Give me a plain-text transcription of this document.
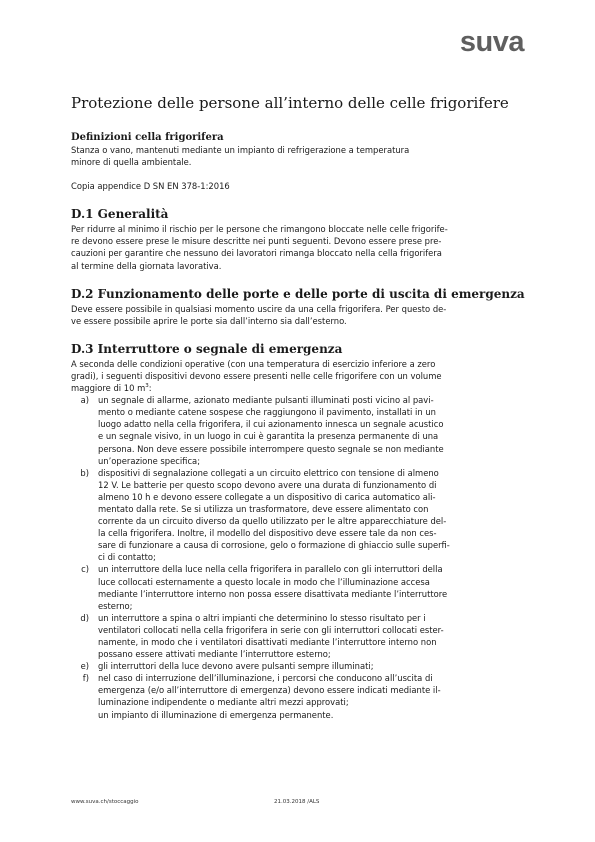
suva
Protezione delle persone all’interno delle celle frigorifere
Definizioni cella frigorifera
Stanza o vano, mantenuti mediante un impianto di refrigerazione a temperatura
minore di quella ambientale.
Copia appendice D SN EN 378-1:2016
D.1 Generalità
Per ridurre al minimo il rischio per le persone che rimangono bloccate nelle celle frigorife-
re devono essere prese le misure descritte nei punti seguenti. Devono essere prese pre-
cauzioni per garantire che nessuno dei lavoratori rimanga bloccato nella cella frigorifera
al termine della giornata lavorativa.
D.2 Funzionamento delle porte e delle porte di uscita di emergenza
Deve essere possibile in qualsiasi momento uscire da una cella frigorifera. Per questo de-
ve essere possibile aprire le porte sia dall’interno sia dall’esterno.
D.3 Interruttore o segnale di emergenza
A seconda delle condizioni operative (con una temperatura di esercizio inferiore a zero
gradi), i seguenti dispositivi devono essere presenti nelle celle frigorifere con un volume
maggiore di 10 $m^3$:
a) un segnale di allarme, azionato mediante pulsanti illuminati posti vicino al pavi-
mento o mediante catene sospese che raggiungono il pavimento, installati in un
luogo adatto nella cella frigorifera, il cui azionamento innesca un segnale acustico
e un segnale visivo, in un luogo in cui è garantita la presenza permanente di una
persona. Non deve essere possibile interrompere questo segnale se non mediante
un’operazione specifica;
b) dispositivi di segnalazione collegati a un circuito elettrico con tensione di almeno
12 V. Le batterie per questo scopo devono avere una durata di funzionamento di
almeno 10 h e devono essere collegate a un dispositivo di carica automatico ali-
mentato dalla rete. Se si utilizza un trasformatore, deve essere alimentato con
corrente da un circuito diverso da quello utilizzato per le altre apparecchiature del-
la cella frigorifera. Inoltre, il modello del dispositivo deve essere tale da non ces-
sare di funzionare a causa di corrosione, gelo o formazione di ghiaccio sulle superfi-
ci di contatto;
c) un interruttore della luce nella cella frigorifera in parallelo con gli interruttori della
luce collocati esternamente a questo locale in modo che l’illuminazione accesa
mediante l’interruttore interno non possa essere disattivata mediante l’interruttore
esterno;
d) un interruttore a spina o altri impianti che determinino lo stesso risultato per i
ventilatori collocati nella cella frigorifera in serie con gli interruttori collocati ester-
namente, in modo che i ventilatori disattivati mediante l’interruttore interno non
possano essere attivati mediante l’interruttore esterno;
e) gli interruttori della luce devono avere pulsanti sempre illuminati;
f) nel caso di interruzione dell’illuminazione, i percorsi che conducono all’uscita di
emergenza (e/o all’interruttore di emergenza) devono essere indicati mediante il-
luminazione indipendente o mediante altri mezzi approvati;
un impianto di illuminazione di emergenza permanente.
www.suva.ch/stoccaggio	21.03.2018 /ALS
